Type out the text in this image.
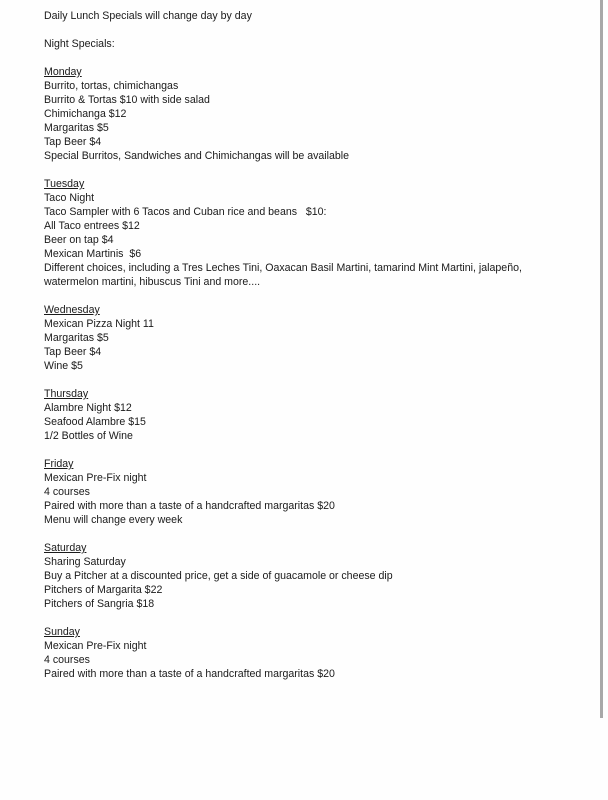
Daily Lunch Specials will change day by day
Night Specials:
Monday
Burrito, tortas, chimichangas
Burrito & Tortas $10 with side salad
Chimichanga $12
Margaritas $5
Tap Beer $4
Special Burritos, Sandwiches and Chimichangas will be available
Tuesday
Taco Night
Taco Sampler with 6 Tacos and Cuban rice and beans   $10:
All Taco entrees $12
Beer on tap $4
Mexican Martinis  $6
Different choices, including a Tres Leches Tini, Oaxacan Basil Martini, tamarind Mint Martini, jalapeño,
watermelon martini, hibuscus Tini and more....
Wednesday
Mexican Pizza Night 11
Margaritas $5
Tap Beer $4
Wine $5
Thursday
Alambre Night $12
Seafood Alambre $15
1/2 Bottles of Wine
Friday
Mexican Pre-Fix night
4 courses
Paired with more than a taste of a handcrafted margaritas $20
Menu will change every week
Saturday
Sharing Saturday
Buy a Pitcher at a discounted price, get a side of guacamole or cheese dip
Pitchers of Margarita $22
Pitchers of Sangria $18
Sunday
Mexican Pre-Fix night
4 courses
Paired with more than a taste of a handcrafted margaritas $20
